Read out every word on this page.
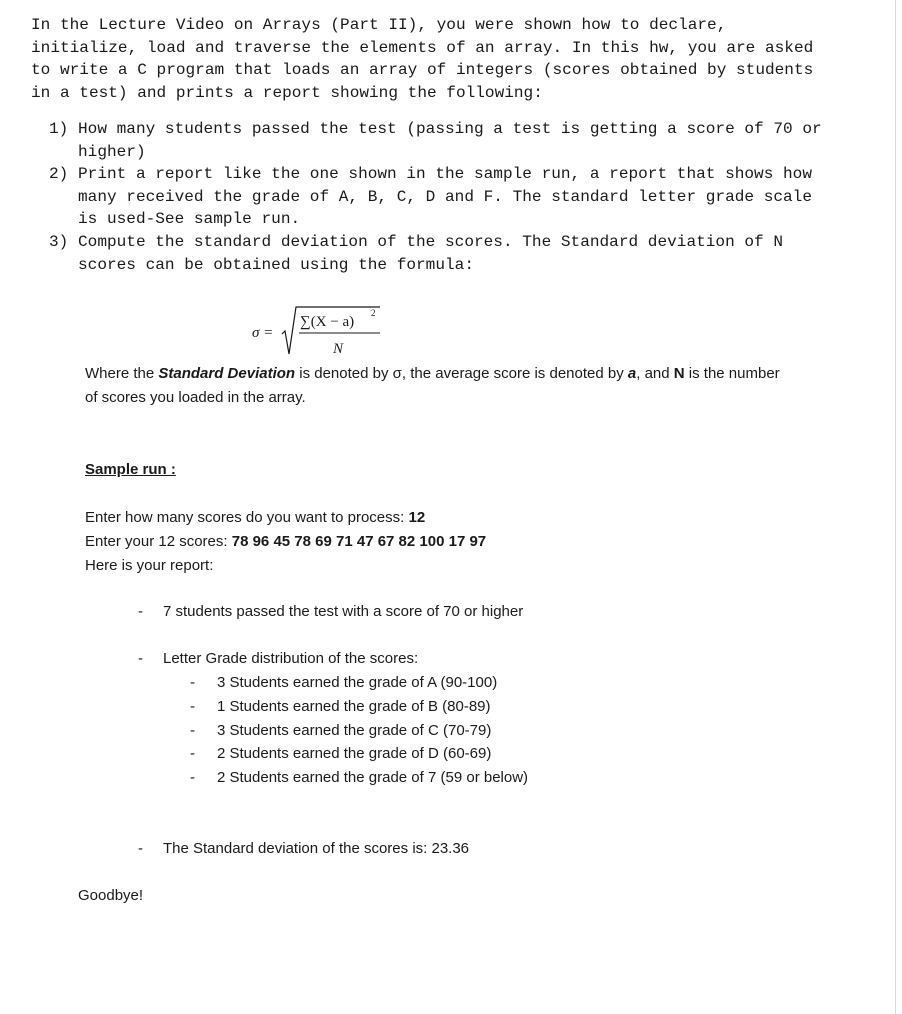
In the Lecture Video on Arrays (Part II), you were shown how to declare,
initialize, load and traverse the elements of an array. In this hw, you are asked
to write a C program that loads an array of integers (scores obtained by students
in a test) and prints a report showing the following:
1) How many students passed the test (passing a test is getting a score of 70 or
higher)
2) Print a report like the one shown in the sample run, a report that shows how
many received the grade of A, B, C, D and F. The standard letter grade scale
is used-See sample run.
3) Compute the standard deviation of the scores. The Standard deviation of N
scores can be obtained using the formula:
σ =
∑(X − a)
2
N
Where the Standard Deviation is denoted by σ, the average score is denoted by a, and N is the number
of scores you loaded in the array.
Sample run :
Enter how many scores do you want to process: 12
Enter your 12 scores: 78 96 45 78 69 71 47 67 82 100 17 97
Here is your report:
- 7 students passed the test with a score of 70 or higher
- Letter Grade distribution of the scores:
- 3 Students earned the grade of A (90-100)
- 1 Students earned the grade of B (80-89)
- 3 Students earned the grade of C (70-79)
- 2 Students earned the grade of D (60-69)
- 2 Students earned the grade of 7 (59 or below)
- The Standard deviation of the scores is: 23.36
Goodbye!
